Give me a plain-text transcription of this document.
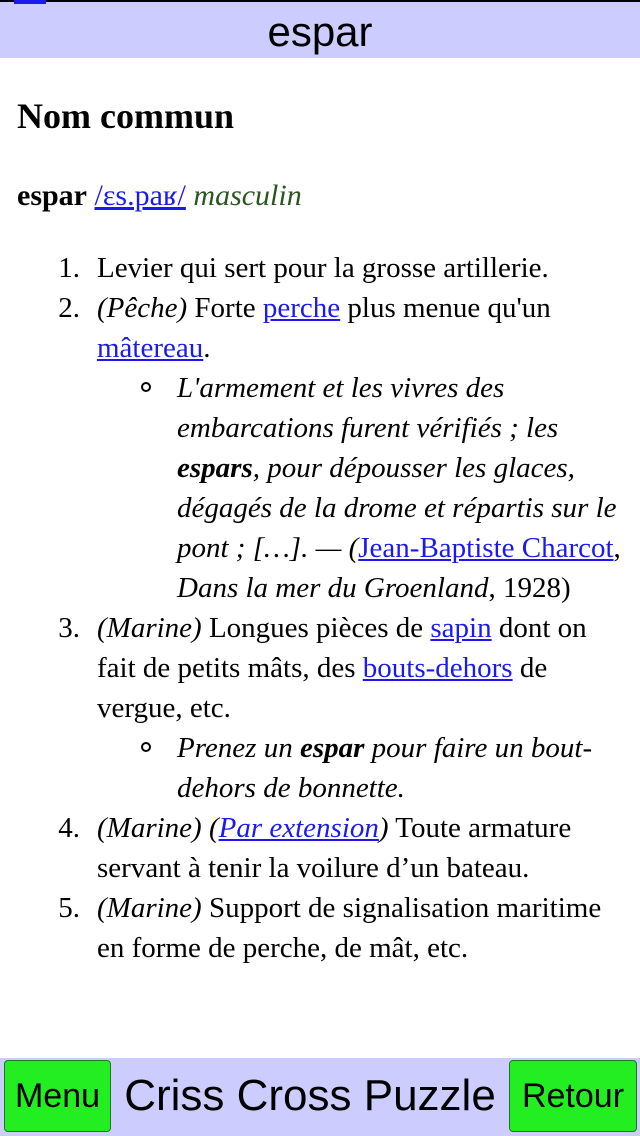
espar
Nom commun
espar /ɛs.paʁ/ masculin
1. Levier qui sert pour la grosse artillerie.
2. (Pêche) Forte perche plus menue qu'un mâtereau.
L'armement et les vivres des embarcations furent vérifiés ; les espars, pour dépousser les glaces, dégagés de la drome et répartis sur le pont ; […]. — (Jean-Baptiste Charcot, Dans la mer du Groenland, 1928)
3. (Marine) Longues pièces de sapin dont on fait de petits mâts, des bouts-dehors de vergue, etc.
Prenez un espar pour faire un bout-dehors de bonnette.
4. (Marine) (Par extension) Toute armature servant à tenir la voilure d’un bateau.
5. (Marine) Support de signalisation maritime en forme de perche, de mât, etc.
Menu Criss Cross Puzzle Retour
